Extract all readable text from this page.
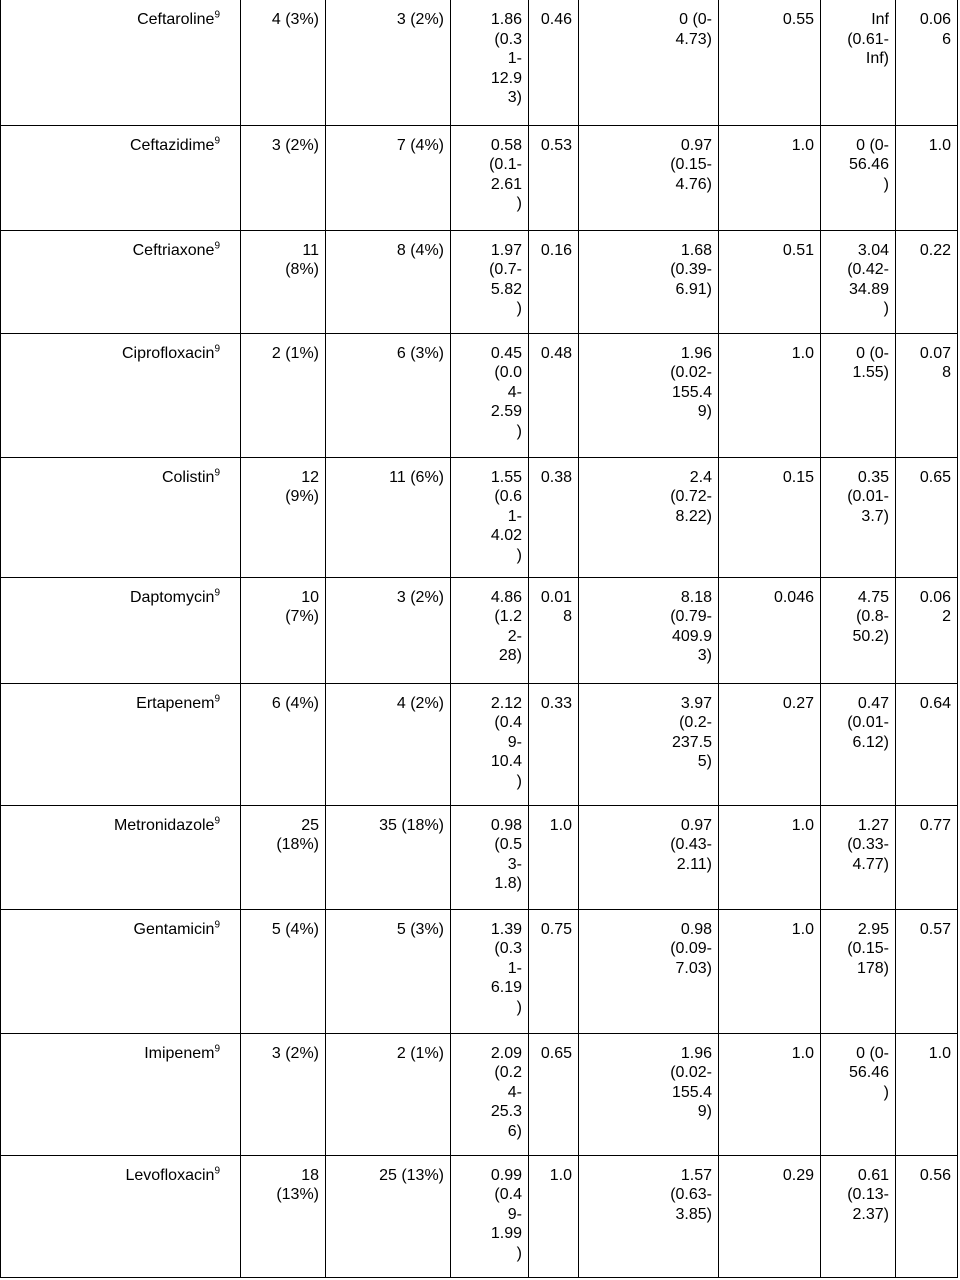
Ceftaroline$^9$	4 (3%)	3 (2%)	1.86
(0.3
1-
12.9
3)	0.46	0 (0-
4.73)	0.55	Inf
(0.61-
Inf)	0.06
6
Ceftazidime$^9$	3 (2%)	7 (4%)	0.58
(0.1-
2.61
)	0.53	0.97
(0.15-
4.76)	1.0	0 (0-
56.46
)	1.0
Ceftriaxone$^9$	11
(8%)	8 (4%)	1.97
(0.7-
5.82
)	0.16	1.68
(0.39-
6.91)	0.51	3.04
(0.42-
34.89
)	0.22
Ciprofloxacin$^9$	2 (1%)	6 (3%)	0.45
(0.0
4-
2.59
)	0.48	1.96
(0.02-
155.4
9)	1.0	0 (0-
1.55)	0.07
8
Colistin$^9$	12
(9%)	11 (6%)	1.55
(0.6
1-
4.02
)	0.38	2.4
(0.72-
8.22)	0.15	0.35
(0.01-
3.7)	0.65
Daptomycin$^9$	10
(7%)	3 (2%)	4.86
(1.2
2-
28)	0.01
8	8.18
(0.79-
409.9
3)	0.046	4.75
(0.8-
50.2)	0.06
2
Ertapenem$^9$	6 (4%)	4 (2%)	2.12
(0.4
9-
10.4
)	0.33	3.97
(0.2-
237.5
5)	0.27	0.47
(0.01-
6.12)	0.64
Metronidazole$^9$	25
(18%)	35 (18%)	0.98
(0.5
3-
1.8)	1.0	0.97
(0.43-
2.11)	1.0	1.27
(0.33-
4.77)	0.77
Gentamicin$^9$	5 (4%)	5 (3%)	1.39
(0.3
1-
6.19
)	0.75	0.98
(0.09-
7.03)	1.0	2.95
(0.15-
178)	0.57
Imipenem$^9$	3 (2%)	2 (1%)	2.09
(0.2
4-
25.3
6)	0.65	1.96
(0.02-
155.4
9)	1.0	0 (0-
56.46
)	1.0
Levofloxacin$^9$	18
(13%)	25 (13%)	0.99
(0.4
9-
1.99
)	1.0	1.57
(0.63-
3.85)	0.29	0.61
(0.13-
2.37)	0.56
